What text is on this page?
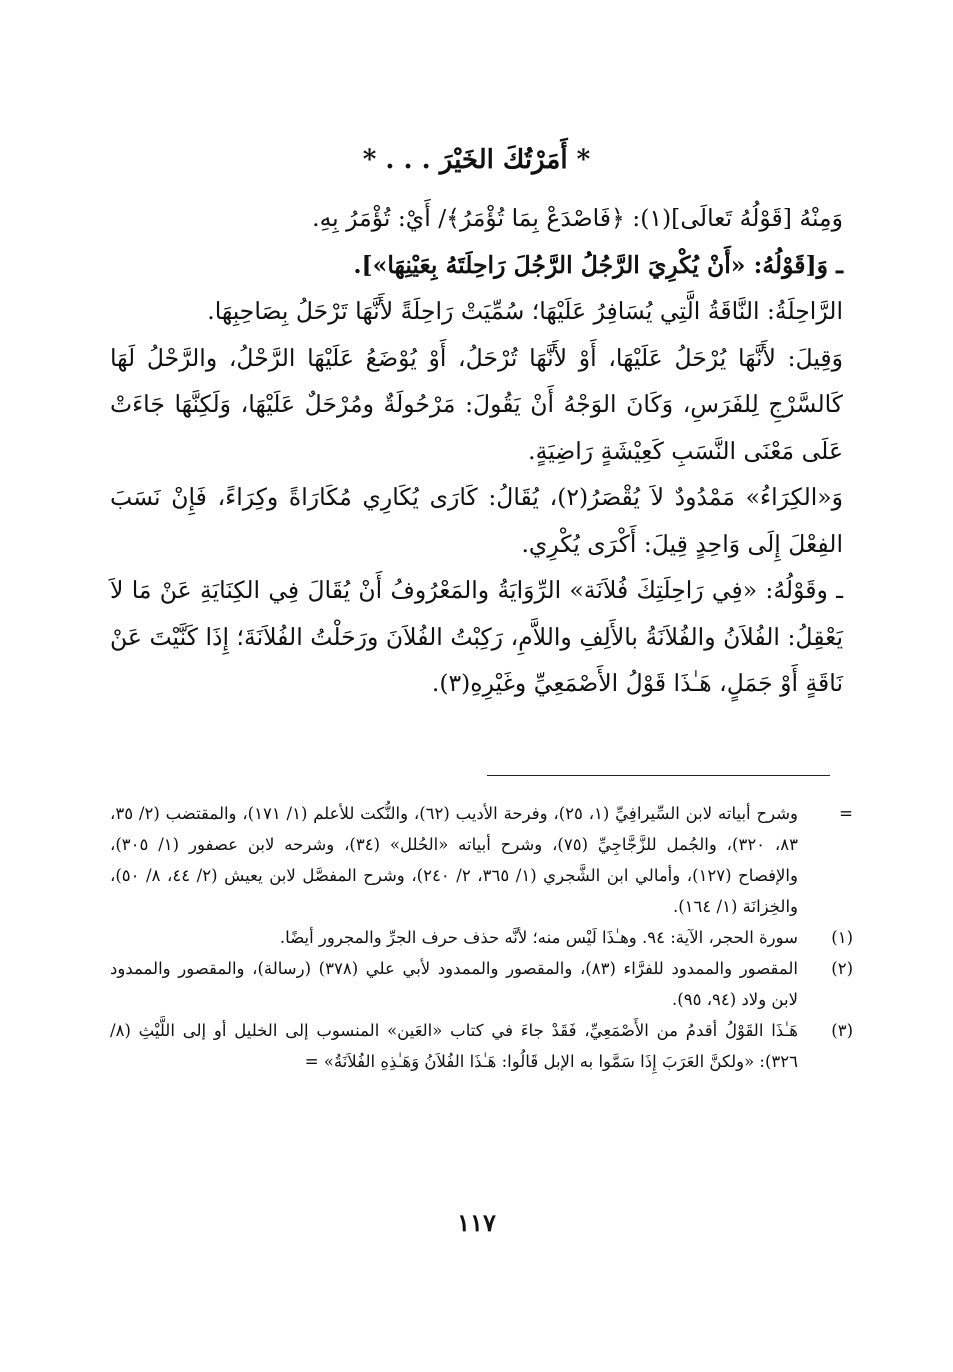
* أَمَرْتُكَ الخَيْرَ . . . *

وَمِنْهُ [قَوْلُهُ تَعالَى](١): ﴿فَاصْدَعْ بِمَا تُؤْمَرُ﴾/ أَيْ: تُؤْمَرُ بِهِ.

ـ وَ[قَوْلُهُ: «أَنْ يُكْرِيَ الرَّجُلُ الرَّجُلَ رَاحِلَتَهُ بِعَيْنِهَا»].

الرَّاحِلَةُ: النَّاقَةُ الَّتِي يُسَافِرُ عَلَيْهَا؛ سُمِّيَتْ رَاحِلَةً لأَنَّهَا تَرْحَلُ بِصَاحِبِهَا.

وَقِيلَ: لأَنَّهَا يُرْحَلُ عَلَيْهَا، أَوْ لأَنَّهَا تُرْحَلُ، أَوْ يُوْضَعُ عَلَيْهَا الرَّحْلُ، والرَّحْلُ لَهَا كَالسَّرْجِ لِلفَرَسِ، وَكَانَ الوَجْهُ أَنْ يَقُولَ: مَرْحُولَةٌ ومُرْحَلٌ عَلَيْهَا، وَلَكِنَّهَا جَاءَتْ عَلَى مَعْنَى النَّسَبِ كَعِيْشَةٍ رَاضِيَةٍ.

وَ«الكِرَاءُ» مَمْدُودٌ لاَ يُقْصَرُ(٢)، يُقَالُ: كَارَى يُكَارِي مُكَارَاةً وكِرَاءً، فَإِنْ نَسَبَ الفِعْلَ إِلَى وَاحِدٍ قِيلَ: أَكْرَى يُكْرِي.

ـ وقَوْلُهُ: «فِي رَاحِلَتِكَ فُلاَنَة» الرِّوَايَةُ والمَعْرُوفُ أَنْ يُقَالَ فِي الكِنَايَةِ عَنْ مَا لاَ يَعْقِلُ: الفُلاَنُ والفُلاَنَةُ بالأَلِفِ واللاَّمِ، رَكِبْتُ الفُلاَنَ ورَحَلْتُ الفُلاَنَةَ؛ إِذَا كَنَّيْتَ عَنْ نَاقَةٍ أَوْ جَمَلٍ، هَـٰذَا قَوْلُ الأَصْمَعِيِّ وغَيْرِهِ(٣).

=
وشرح أبياته لابن السِّيرافِيِّ (١، ٢٥)، وفرحة الأديب (٦٢)، والنُّكت للأعلم (١/ ١٧١)، والمقتضب (٢/ ٣٥، ٨٣، ٣٢٠)، والجُمل للزَّجَّاجِيِّ (٧٥)، وشرح أبياته «الحُلل» (٣٤)، وشرحه لابن عصفور (١/ ٣٠٥)، والإفصاح (١٢٧)، وأمالي ابن الشَّجري (١/ ٣٦٥، ٢/ ٢٤٠)، وشرح المفصَّل لابن يعيش (٢/ ٤٤، ٨/ ٥٠)، والخِزانَة (١/ ١٦٤).
(١)
سورة الحجر، الآية: ٩٤. وهـٰذَا لَيْس منه؛ لأنَّه حذف حرف الجرِّ والمجرور أيضًا.
(٢)
المقصور والممدود للفرَّاء (٨٣)، والمقصور والممدود لأبي علي (٣٧٨) (رسالة)، والمقصور والممدود لابن ولاد (٩٤، ٩٥).
(٣)
هَـٰذَا القَوْلُ أقدمُ من الأَصْمَعِيِّ، فَقَدْ جاءَ في كتاب «العَين» المنسوب إلى الخليل أو إلى اللَّيْثِ (٨/ ٣٢٦): «ولكنَّ العَرَبَ إِذَا سَمَّوا به الإبل قَالُوا: هَـٰذَا الفُلاَنُ وَهَـٰذِهِ الفُلاَنَةُ» =
١١٧
